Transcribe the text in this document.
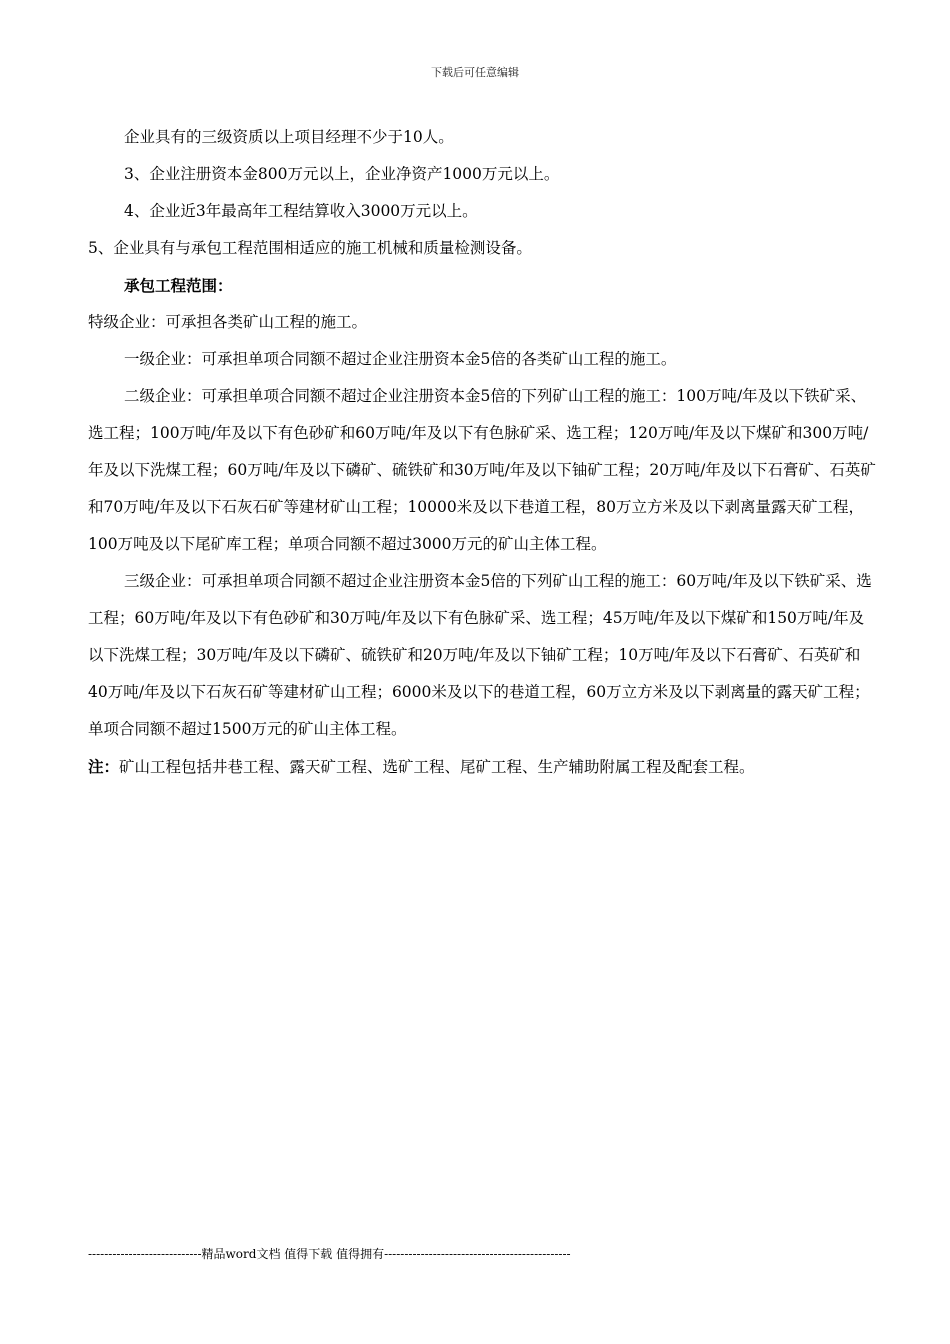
下载后可任意编辑

企业具有的三级资质以上项目经理不少于10人。

3、企业注册资本金800万元以上，企业净资产1000万元以上。

4、企业近3年最高年工程结算收入3000万元以上。

5、企业具有与承包工程范围相适应的施工机械和质量检测设备。

承包工程范围：

特级企业：可承担各类矿山工程的施工。

一级企业：可承担单项合同额不超过企业注册资本金5倍的各类矿山工程的施工。

二级企业：可承担单项合同额不超过企业注册资本金5倍的下列矿山工程的施工：100万吨/年及以下铁矿采、选工程；100万吨/年及以下有色砂矿和60万吨/年及以下有色脉矿采、选工程；120万吨/年及以下煤矿和300万吨/年及以下洗煤工程；60万吨/年及以下磷矿、硫铁矿和30万吨/年及以下铀矿工程；20万吨/年及以下石膏矿、石英矿和70万吨/年及以下石灰石矿等建材矿山工程；10000米及以下巷道工程，80万立方米及以下剥离量露天矿工程，100万吨及以下尾矿库工程；单项合同额不超过3000万元的矿山主体工程。

三级企业：可承担单项合同额不超过企业注册资本金5倍的下列矿山工程的施工：60万吨/年及以下铁矿采、选工程；60万吨/年及以下有色砂矿和30万吨/年及以下有色脉矿采、选工程；45万吨/年及以下煤矿和150万吨/年及以下洗煤工程；30万吨/年及以下磷矿、硫铁矿和20万吨/年及以下铀矿工程；10万吨/年及以下石膏矿、石英矿和40万吨/年及以下石灰石矿等建材矿山工程；6000米及以下的巷道工程，60万立方米及以下剥离量的露天矿工程；单项合同额不超过1500万元的矿山主体工程。

注：矿山工程包括井巷工程、露天矿工程、选矿工程、尾矿工程、生产辅助附属工程及配套工程。

----------------------------精品word文档 值得下载 值得拥有----------------------------------------------
